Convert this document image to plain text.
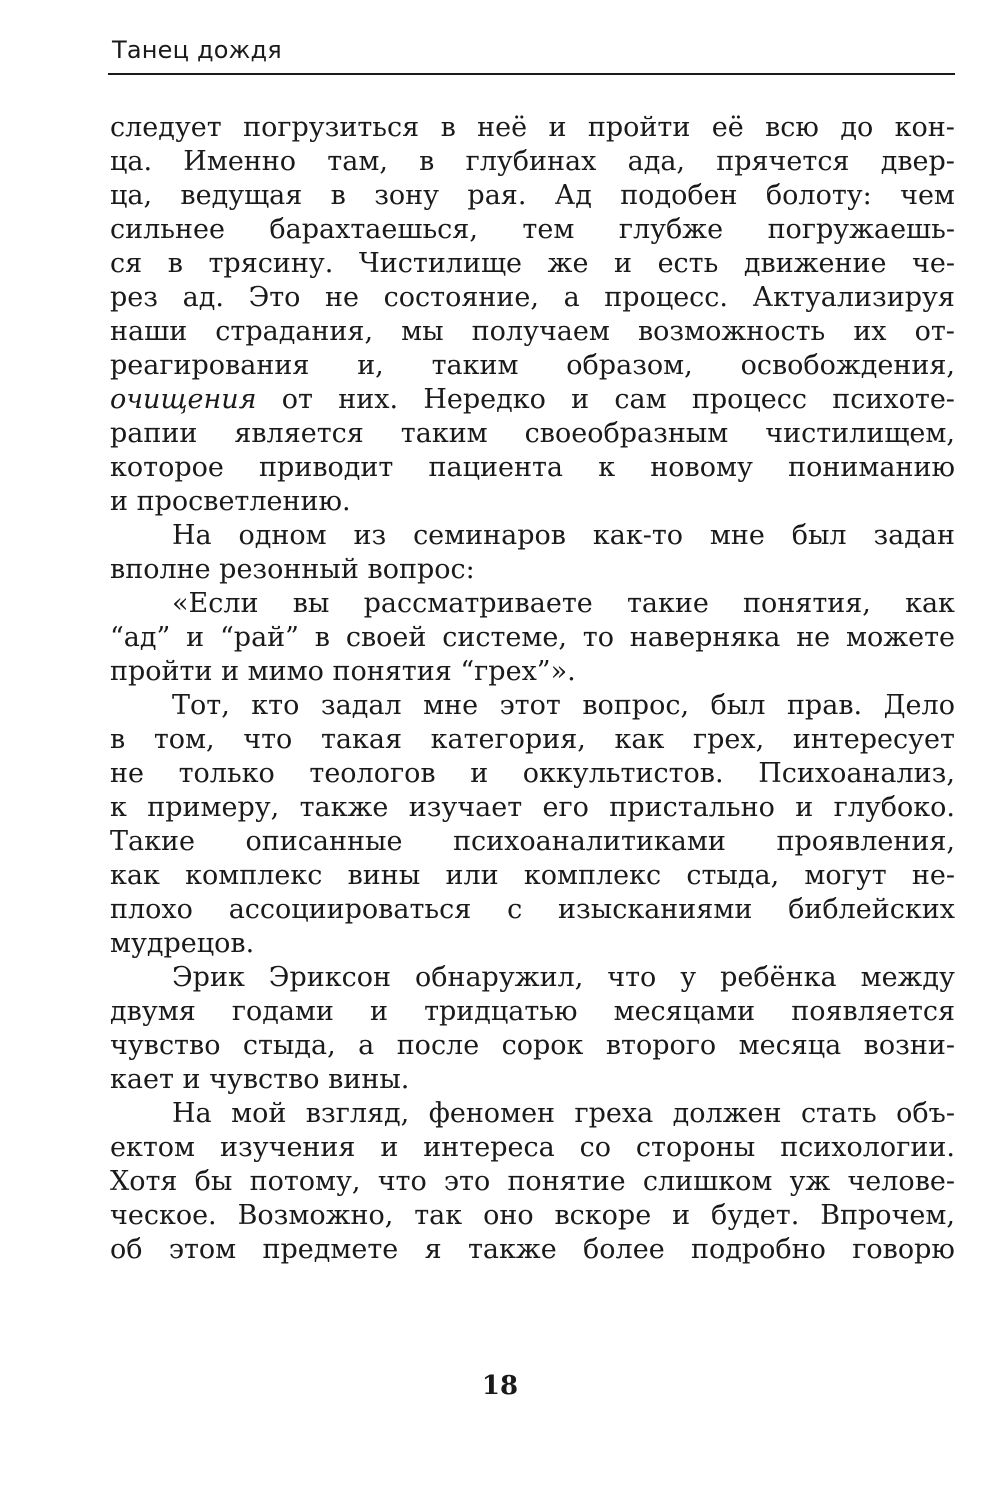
Танец дождя
следует погрузиться в неё и пройти её всю до кон-
ца. Именно там, в глубинах ада, прячется двер-
ца, ведущая в зону рая. Ад подобен болоту: чем
сильнее барахтаешься, тем глубже погружаешь-
ся в трясину. Чистилище же и есть движение че-
рез ад. Это не состояние, а процесс. Актуализируя
наши страдания, мы получаем возможность их от-
реагирования и, таким образом, освобождения,
очищения от них. Нередко и сам процесс психоте-
рапии является таким своеобразным чистилищем,
которое приводит пациента к новому пониманию
и
просветлению.
На одном из семинаров как-то мне был задан
вполне
резонный
вопрос:
«Если вы рассматриваете такие понятия, как
“ад” и “рай” в своей системе, то наверняка не можете
пройти
и
мимо
понятия
“грех”».
Тот, кто задал мне этот вопрос, был прав. Дело
в том, что такая категория, как грех, интересует
не только теологов и оккультистов. Психоанализ,
к примеру, также изучает его пристально и глубоко.
Такие описанные психоаналитиками проявления,
как комплекс вины или комплекс стыда, могут не-
плохо ассоциироваться с изысканиями библейских
мудрецов.
Эрик Эриксон обнаружил, что у ребёнка между
двумя годами и тридцатью месяцами появляется
чувство стыда, а после сорок второго месяца возни-
кает
и
чувство
вины.
На мой взгляд, феномен греха должен стать объ-
ектом изучения и интереса со стороны психологии.
Хотя бы потому, что это понятие слишком уж челове-
ческое. Возможно, так оно вскоре и будет. Впрочем,
об этом предмете я также более подробно говорю
18
